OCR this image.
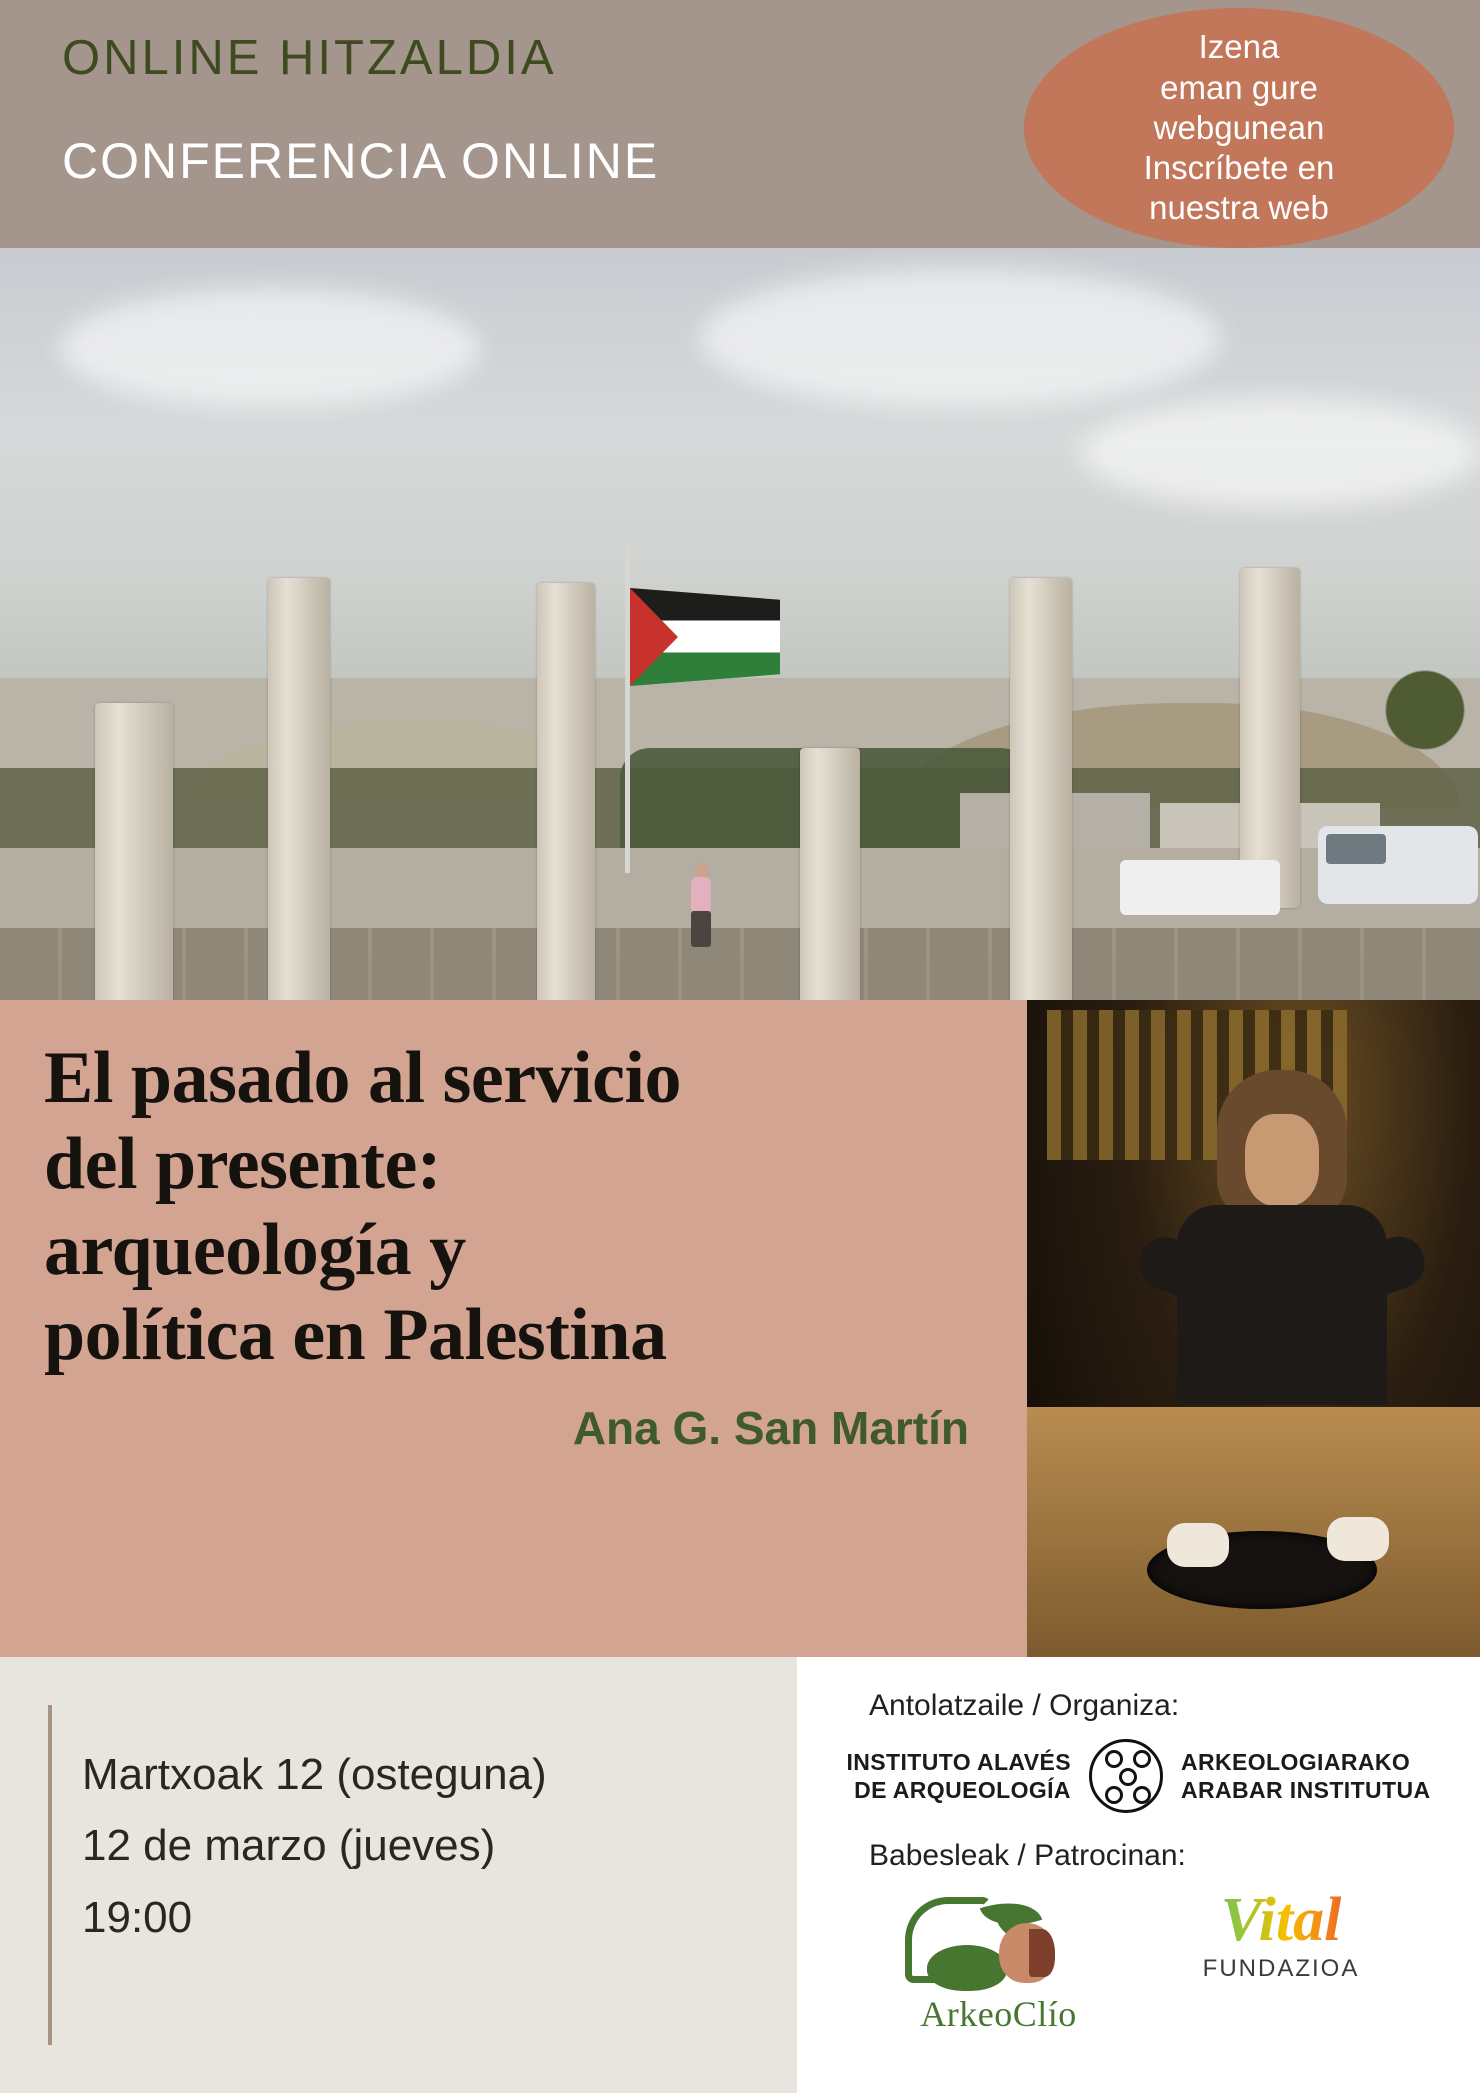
ONLINE HITZALDIA
CONFERENCIA ONLINE
Izena
eman gure
webgunean
Inscríbete en
nuestra web
El pasado al servicio
del presente:
arqueología y
política en Palestina
Ana G. San Martín
Martxoak 12 (osteguna)
12 de marzo (jueves)
19:00
Antolatzaile / Organiza:
INSTITUTO ALAVÉS
DE ARQUEOLOGÍA
ARKEOLOGIARAKO
ARABAR INSTITUTUA
Babesleak / Patrocinan:
ArkeoClío
Vital
FUNDAZIOA
